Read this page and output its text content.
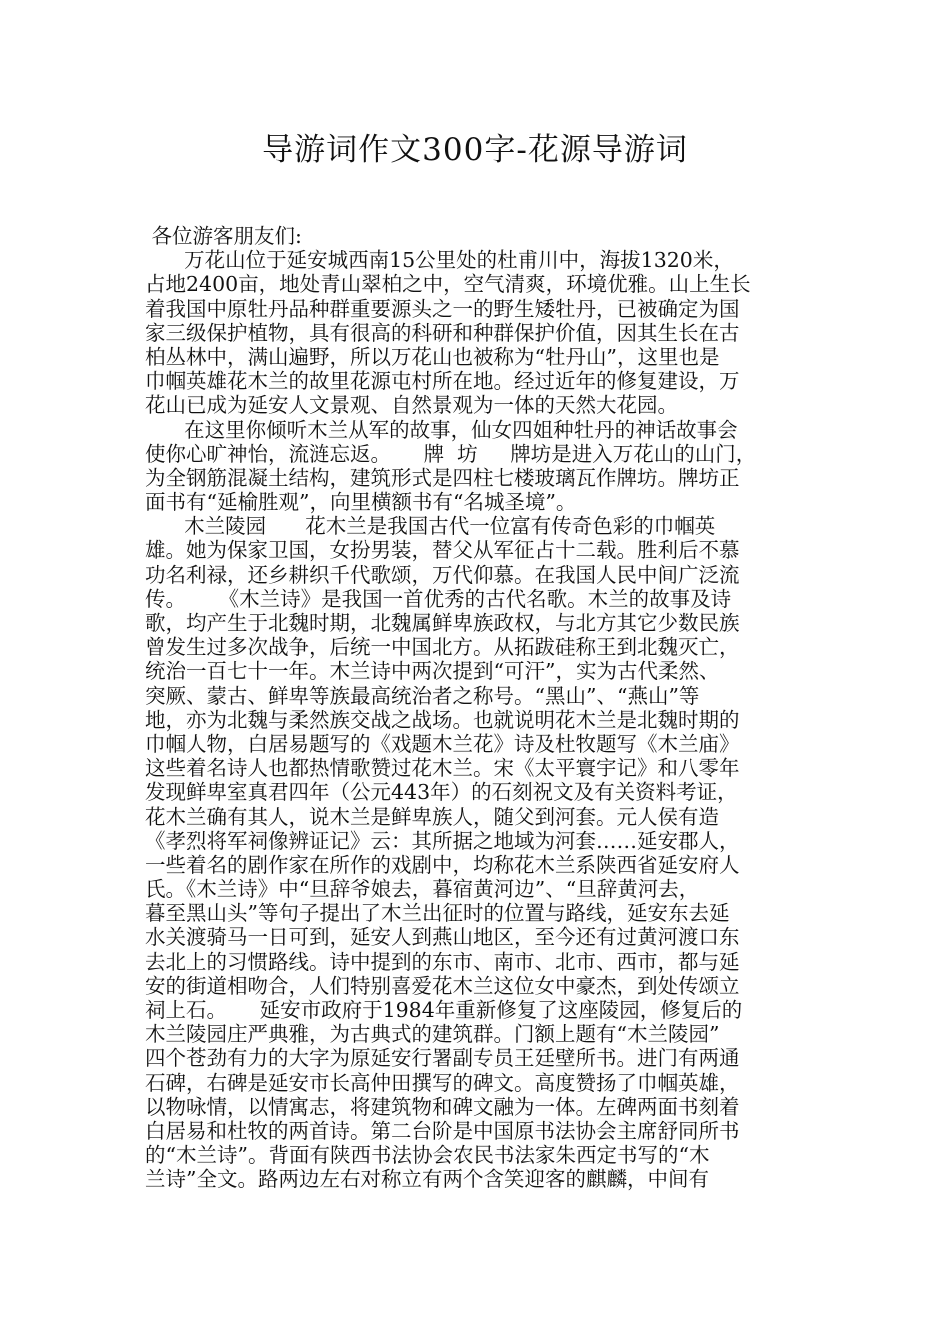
导游词作文300字-花源导游词
各位游客朋友们:
万花山位于延安城西南15公里处的杜甫川中，海拔1320米，
占地2400亩，地处青山翠柏之中，空气清爽，环境优雅。山上生长
着我国中原牡丹品种群重要源头之一的野生矮牡丹，已被确定为国
家三级保护植物，具有很高的科研和种群保护价值，因其生长在古
柏丛林中，满山遍野，所以万花山也被称为“牡丹山”，这里也是
巾帼英雄花木兰的故里花源屯村所在地。经过近年的修复建设，万
花山已成为延安人文景观、自然景观为一体的天然大花园。
在这里你倾听木兰从军的故事，仙女四姐种牡丹的神话故事会
使你心旷神怡，流涟忘返。     牌  坊     牌坊是进入万花山的山门，
为全钢筋混凝土结构，建筑形式是四柱七楼玻璃瓦作牌坊。牌坊正
面书有“延榆胜观”，向里横额书有“名城圣境”。
木兰陵园      花木兰是我国古代一位富有传奇色彩的巾帼英
雄。她为保家卫国，女扮男装，替父从军征占十二载。胜利后不慕
功名利禄，还乡耕织千代歌颂，万代仰慕。在我国人民中间广泛流
传。     《木兰诗》是我国一首优秀的古代名歌。木兰的故事及诗
歌，均产生于北魏时期，北魏属鲜卑族政权，与北方其它少数民族
曾发生过多次战争，后统一中国北方。从拓跋硅称王到北魏灭亡，
统治一百七十一年。木兰诗中两次提到“可汗”，实为古代柔然、
突厥、蒙古、鲜卑等族最高统治者之称号。“黑山”、“燕山”等
地，亦为北魏与柔然族交战之战场。也就说明花木兰是北魏时期的
巾帼人物，白居易题写的《戏题木兰花》诗及杜牧题写《木兰庙》
这些着名诗人也都热情歌赞过花木兰。宋《太平寰宇记》和八零年
发现鲜卑室真君四年（公元443年）的石刻祝文及有关资料考证，
花木兰确有其人，说木兰是鲜卑族人，随父到河套。元人侯有造
《孝烈将军祠像辨证记》云：其所据之地域为河套……延安郡人，
一些着名的剧作家在所作的戏剧中，均称花木兰系陕西省延安府人
氏。《木兰诗》中“旦辞爷娘去，暮宿黄河边”、“旦辞黄河去，
暮至黑山头”等句子提出了木兰出征时的位置与路线，延安东去延
水关渡骑马一日可到，延安人到燕山地区，至今还有过黄河渡口东
去北上的习惯路线。诗中提到的东市、南市、北市、西市，都与延
安的街道相吻合，人们特别喜爱花木兰这位女中豪杰，到处传颂立
祠上石。     延安市政府于1984年重新修复了这座陵园，修复后的
木兰陵园庄严典雅，为古典式的建筑群。门额上题有“木兰陵园”
四个苍劲有力的大字为原延安行署副专员王廷壁所书。进门有两通
石碑，右碑是延安市长高仲田撰写的碑文。高度赞扬了巾帼英雄，
以物咏情，以情寓志，将建筑物和碑文融为一体。左碑两面书刻着
白居易和杜牧的两首诗。第二台阶是中国原书法协会主席舒同所书
的“木兰诗”。背面有陕西书法协会农民书法家朱西定书写的“木
兰诗”全文。路两边左右对称立有两个含笑迎客的麒麟，中间有
